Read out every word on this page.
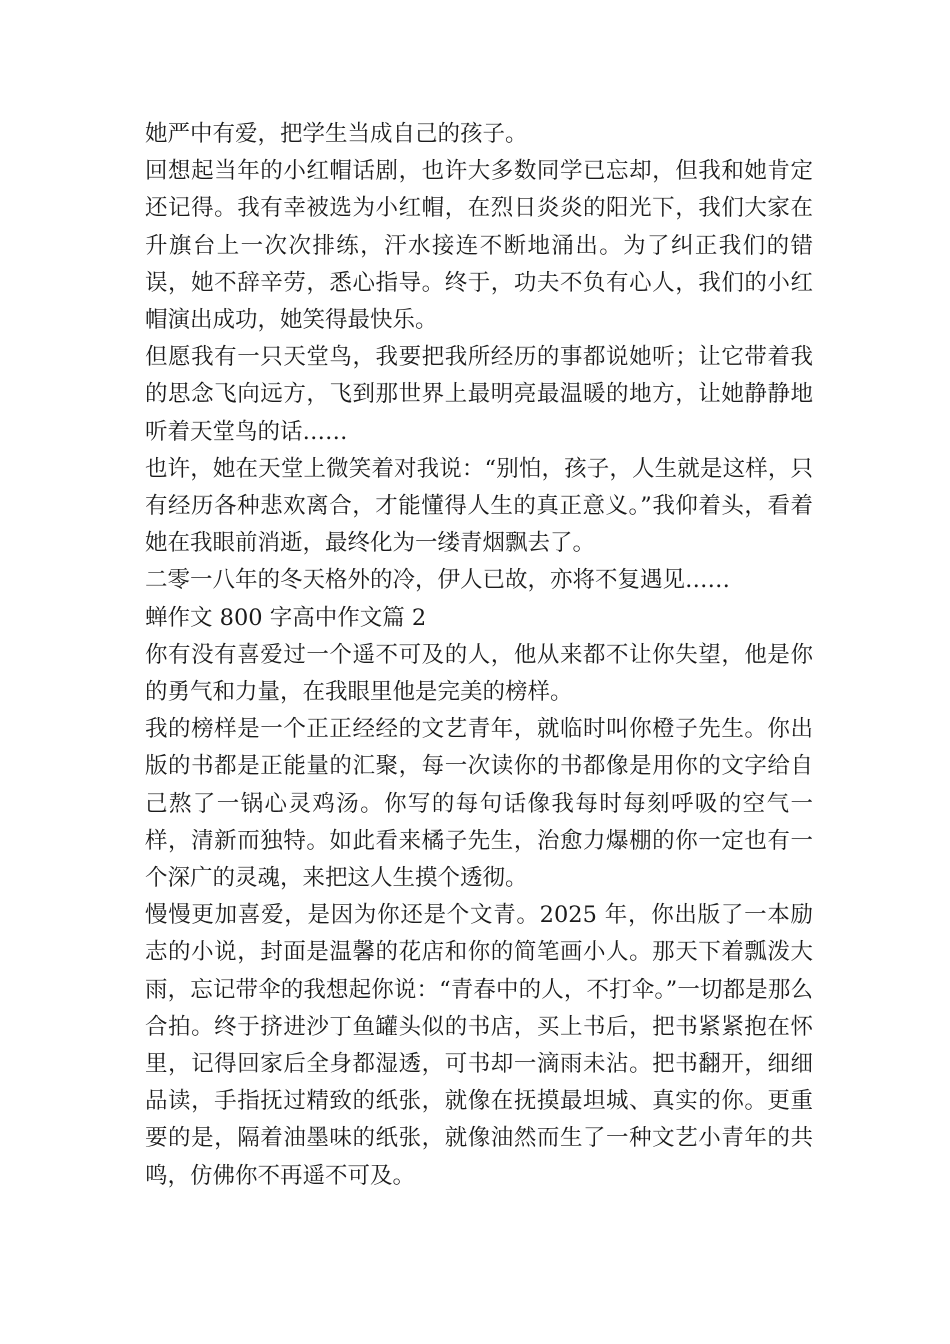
她严中有爱，把学生当成自己的孩子。

回想起当年的小红帽话剧，也许大多数同学已忘却，但我和她肯定还记得。我有幸被选为小红帽，在烈日炎炎的阳光下，我们大家在升旗台上一次次排练，汗水接连不断地涌出。为了纠正我们的错误，她不辞辛劳，悉心指导。终于，功夫不负有心人，我们的小红帽演出成功，她笑得最快乐。

但愿我有一只天堂鸟，我要把我所经历的事都说她听；让它带着我的思念飞向远方，飞到那世界上最明亮最温暖的地方，让她静静地听着天堂鸟的话……

也许，她在天堂上微笑着对我说：“别怕，孩子，人生就是这样，只有经历各种悲欢离合，才能懂得人生的真正意义。”我仰着头，看着她在我眼前消逝，最终化为一缕青烟飘去了。

二零一八年的冬天格外的冷，伊人已故，亦将不复遇见……

蝉作文 800 字高中作文篇 2

你有没有喜爱过一个遥不可及的人，他从来都不让你失望，他是你的勇气和力量，在我眼里他是完美的榜样。

我的榜样是一个正正经经的文艺青年，就临时叫你橙子先生。你出版的书都是正能量的汇聚，每一次读你的书都像是用你的文字给自己熬了一锅心灵鸡汤。你写的每句话像我每时每刻呼吸的空气一样，清新而独特。如此看来橘子先生，治愈力爆棚的你一定也有一个深广的灵魂，来把这人生摸个透彻。

慢慢更加喜爱，是因为你还是个文青。2025 年，你出版了一本励志的小说，封面是温馨的花店和你的简笔画小人。那天下着瓢泼大雨，忘记带伞的我想起你说：“青春中的人，不打伞。”一切都是那么合拍。终于挤进沙丁鱼罐头似的书店，买上书后，把书紧紧抱在怀里，记得回家后全身都湿透，可书却一滴雨未沾。把书翻开，细细品读，手指抚过精致的纸张，就像在抚摸最坦城、真实的你。更重要的是，隔着油墨味的纸张，就像油然而生了一种文艺小青年的共鸣，仿佛你不再遥不可及。
